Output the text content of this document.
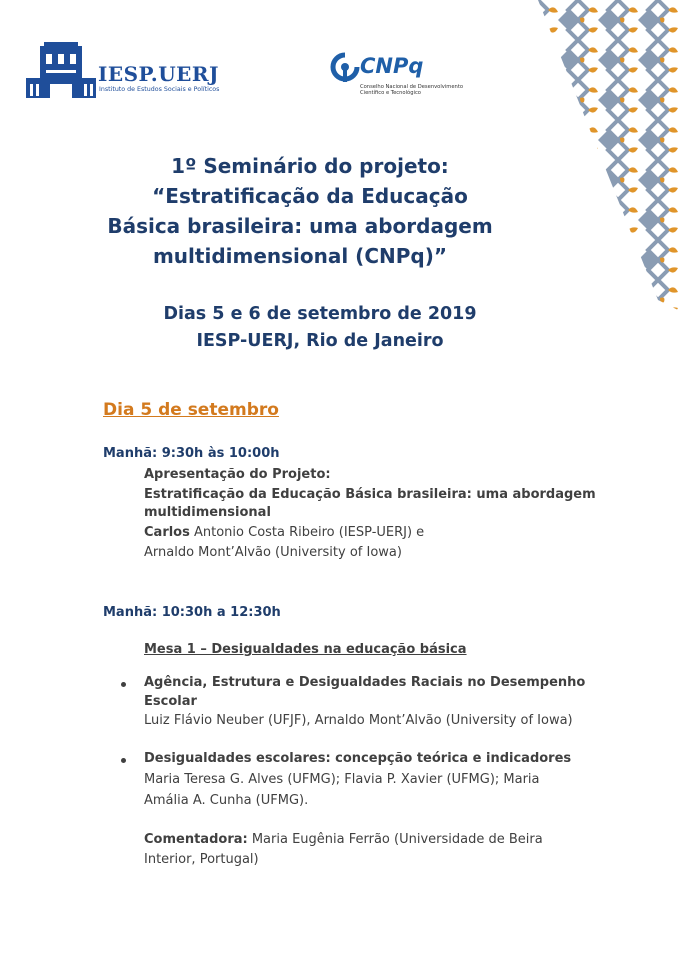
IESP.UERJ
Instituto de Estudos Sociais e Políticos
CNPq
Conselho Nacional de Desenvolvimento
Científico e Tecnológico
1º Seminário do projeto:
“Estratificação da Educação
Básica brasileira: uma abordagem
multidimensional (CNPq)”
Dias 5 e 6 de setembro de 2019
IESP-UERJ, Rio de Janeiro
Dia 5 de setembro
Manhã: 9:30h às 10:00h
Apresentação do Projeto:
Estratificação da Educação Básica brasileira: uma abordagem
multidimensional
Carlos Antonio Costa Ribeiro (IESP-UERJ) e
Arnaldo Mont’Alvão (University of Iowa)
Manhã: 10:30h a 12:30h
Mesa 1 – Desigualdades na educação básica
Agência, Estrutura e Desigualdades Raciais no Desempenho
Escolar
Luiz Flávio Neuber (UFJF), Arnaldo Mont’Alvão (University of Iowa)
Desigualdades escolares: concepção teórica e indicadores
Maria Teresa G. Alves (UFMG); Flavia P. Xavier (UFMG); Maria
Amália A. Cunha (UFMG).
Comentadora: Maria Eugênia Ferrão (Universidade de Beira
Interior, Portugal)
